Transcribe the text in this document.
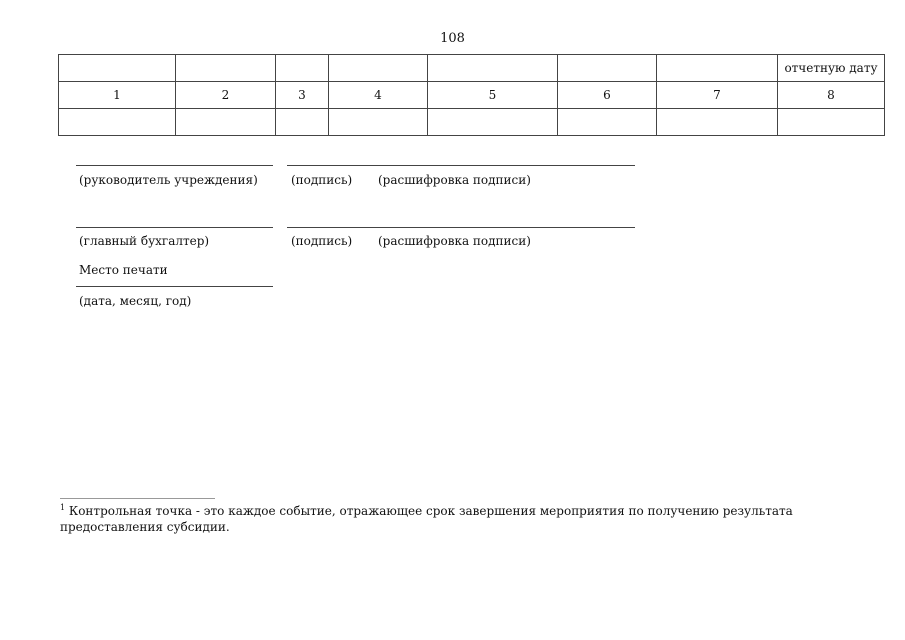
108
							отчетную дату
1	2	3	4	5	6	7	8

(руководитель учреждения)	(подпись) (расшифровка подписи)
(главный бухгалтер)	(подпись) (расшифровка подписи)
Место печати
(дата, месяц, год)
$^1$ Контрольная точка - это каждое событие, отражающее срок завершения мероприятия по получению результата предоставления субсидии.
